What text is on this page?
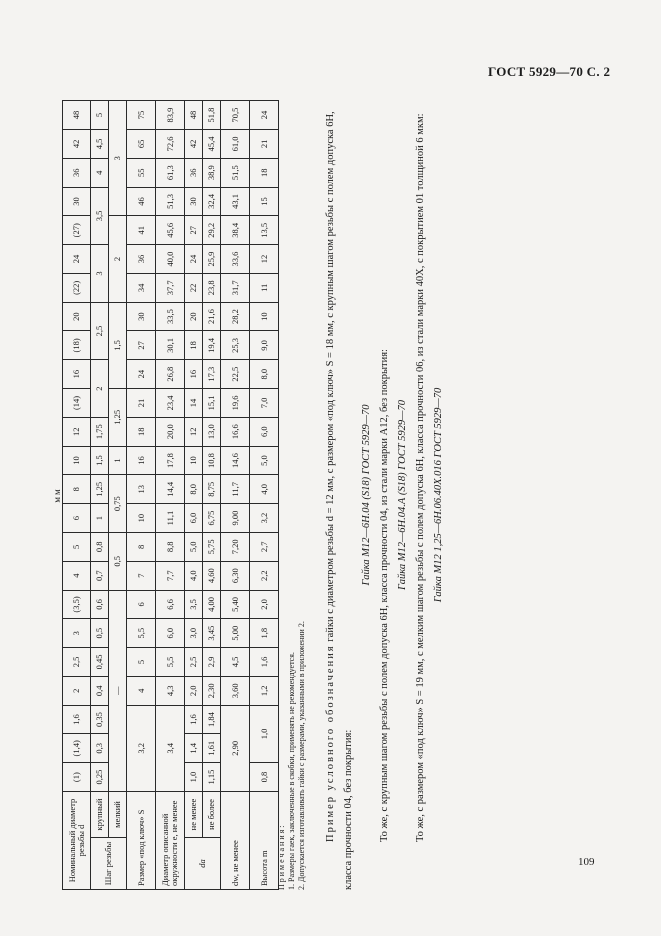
ГОСТ 5929—70 С. 2
мм
Номинальный диаметр резьбы d		(1)	(1,4)	1,6	2	2,5	3	(3,5)	4	5	6	8	10	12	(14)	16	(18)	20	(22)	24	(27)	30	36	42	48
Шаг резьбы	крупный	0,25	0,3	0,35	0,4	0,45	0,5	0,6	0,7	0,8	1	1,25	1,5	1,75	2		2,5		3		3,5		4	4,5	5
	мелкий	—							0,5		0,75		1	1,25		1,5			2			3			
Размер «под ключ» S		3,2			4	5	5,5	6	7	8	10	13	16	18	21	24	27	30	34	36	41	46	55	65	75
Диаметр описанной окружности e, не менее		3,4			4,3	5,5	6,0	6,6	7,7	8,8	11,1	14,4	17,8	20,0	23,4	26,8	30,1	33,5	37,7	40,0	45,6	51,3	61,3	72,6	83,9
dа	не менее	1,0	1,4	1,6	2,0	2,5	3,0	3,5	4,0	5,0	6,0	8,0	10	12	14	16	18	20	22	24	27	30	36	42	48
	не более	1,15	1,61	1,84	2,30	2,9	3,45	4,00	4,60	5,75	6,75	8,75	10,8	13,0	15,1	17,3	19,4	21,6	23,8	25,9	29,2	32,4	38,9	45,4	51,8
dw, не менее		2,90			3,60	4,5	5,00	5,40	6,30	7,20	9,00	11,7	14,6	16,6	19,6	22,5	25,3	28,2	31,7	33,6	38,4	43,1	51,5	61,0	70,5
Высота m		0,8	1,0		1,2	1,6	1,8	2,0	2,2	2,7	3,2	4,0	5,0	6,0	7,0	8,0	9,0	10	11	12	13,5	15	18	21	24
Примечания: 1. Размеры гаек, заключенные в скобки, применять не рекомендуется. 2. Допускается изготавливать гайки с размерами, указанными в приложении 2. Пример условного обозначения гайки с диаметром резьбы d = 12 мм, с размером «под ключ» S = 18 мм, с крупным шагом резьбы с полем допуска 6H, класса прочности 04, без покрытия:

Гайка М12—6H.04 (S18) ГОСТ 5929—70 То же, с крупным шагом резьбы с полем допуска 6H, класса прочности 04, из стали марки А12, без покрытия: Гайка М12—6H.04.А (S18) ГОСТ 5929—70 То же, с размером «под ключ» S = 19 мм, с мелким шагом резьбы с полем допуска 6H, класса прочности 06, из стали марки 40X, с покрытием 01 толщиной 6 мкм: Гайка М12 1,25—6H.06.40X.016 ГОСТ 5929—70

109
